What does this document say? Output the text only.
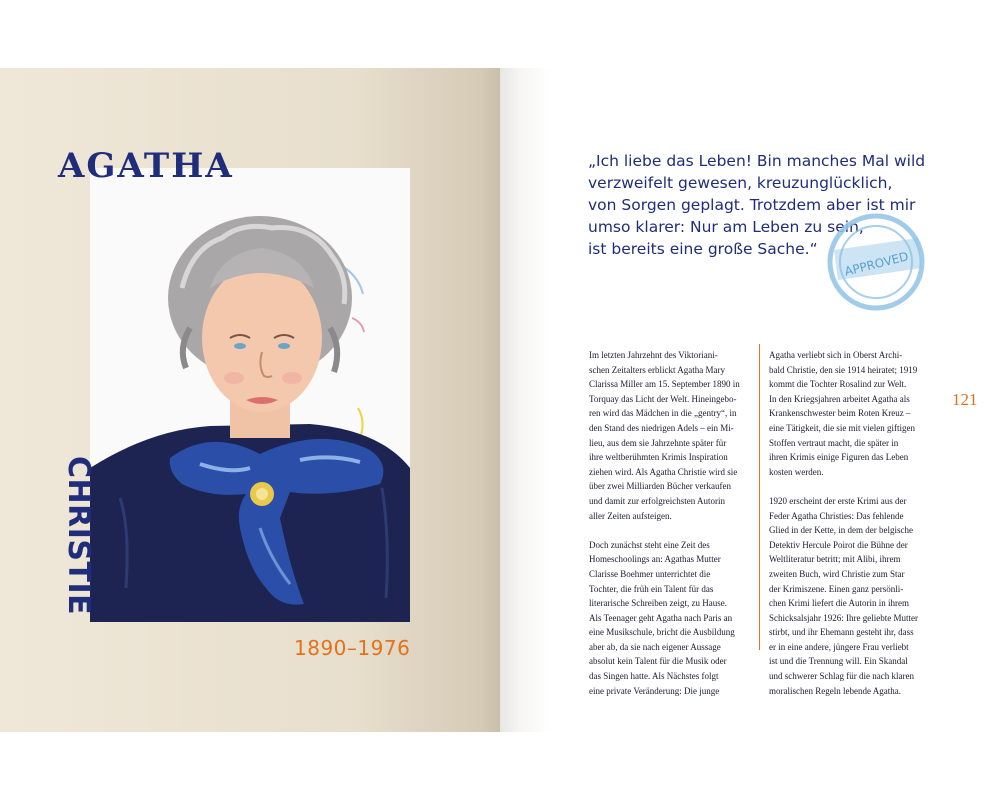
AGATHA
CHRISTIE
1890–1976
„Ich liebe das Leben! Bin manches Mal wild
verzweifelt gewesen, kreuzunglücklich,
von Sorgen geplagt. Trotzdem aber ist mir
umso klarer: Nur am Leben zu sein,
ist bereits eine große Sache.“
APPROVED

Im letzten Jahrzehnt des Viktoriani-
schen Zeitalters erblickt Agatha Mary
Clarissa Miller am 15. September 1890 in
Torquay das Licht der Welt. Hineingebo-
ren wird das Mädchen in die „gentry“, in
den Stand des niedrigen Adels – ein Mi-
lieu, aus dem sie Jahrzehnte später für
ihre weltberühmten Krimis Inspiration
ziehen wird. Als Agatha Christie wird sie
über zwei Milliarden Bücher verkaufen
und damit zur erfolgreichsten Autorin
aller Zeiten aufsteigen.

Doch zunächst steht eine Zeit des
Homeschoolings an: Agathas Mutter
Clarisse Boehmer unterrichtet die
Tochter, die früh ein Talent für das
literarische Schreiben zeigt, zu Hause.
Als Teenager geht Agatha nach Paris an
eine Musikschule, bricht die Ausbildung
aber ab, da sie nach eigener Aussage
absolut kein Talent für die Musik oder
das Singen hatte. Als Nächstes folgt
eine private Veränderung: Die junge

Agatha verliebt sich in Oberst Archi-
bald Christie, den sie 1914 heiratet; 1919
kommt die Tochter Rosalind zur Welt.
In den Kriegsjahren arbeitet Agatha als
Krankenschwester beim Roten Kreuz –
eine Tätigkeit, die sie mit vielen giftigen
Stoffen vertraut macht, die später in
ihren Krimis einige Figuren das Leben
kosten werden.

1920 erscheint der erste Krimi aus der
Feder Agatha Christies: Das fehlende
Glied in der Kette, in dem der belgische
Detektiv Hercule Poirot die Bühne der
Weltliteratur betritt; mit Alibi, ihrem
zweiten Buch, wird Christie zum Star
der Krimiszene. Einen ganz persönli-
chen Krimi liefert die Autorin in ihrem
Schicksalsjahr 1926: Ihre geliebte Mutter
stirbt, und ihr Ehemann gesteht ihr, dass
er in eine andere, jüngere Frau verliebt
ist und die Trennung will. Ein Skandal
und schwerer Schlag für die nach klaren
moralischen Regeln lebende Agatha.

121
